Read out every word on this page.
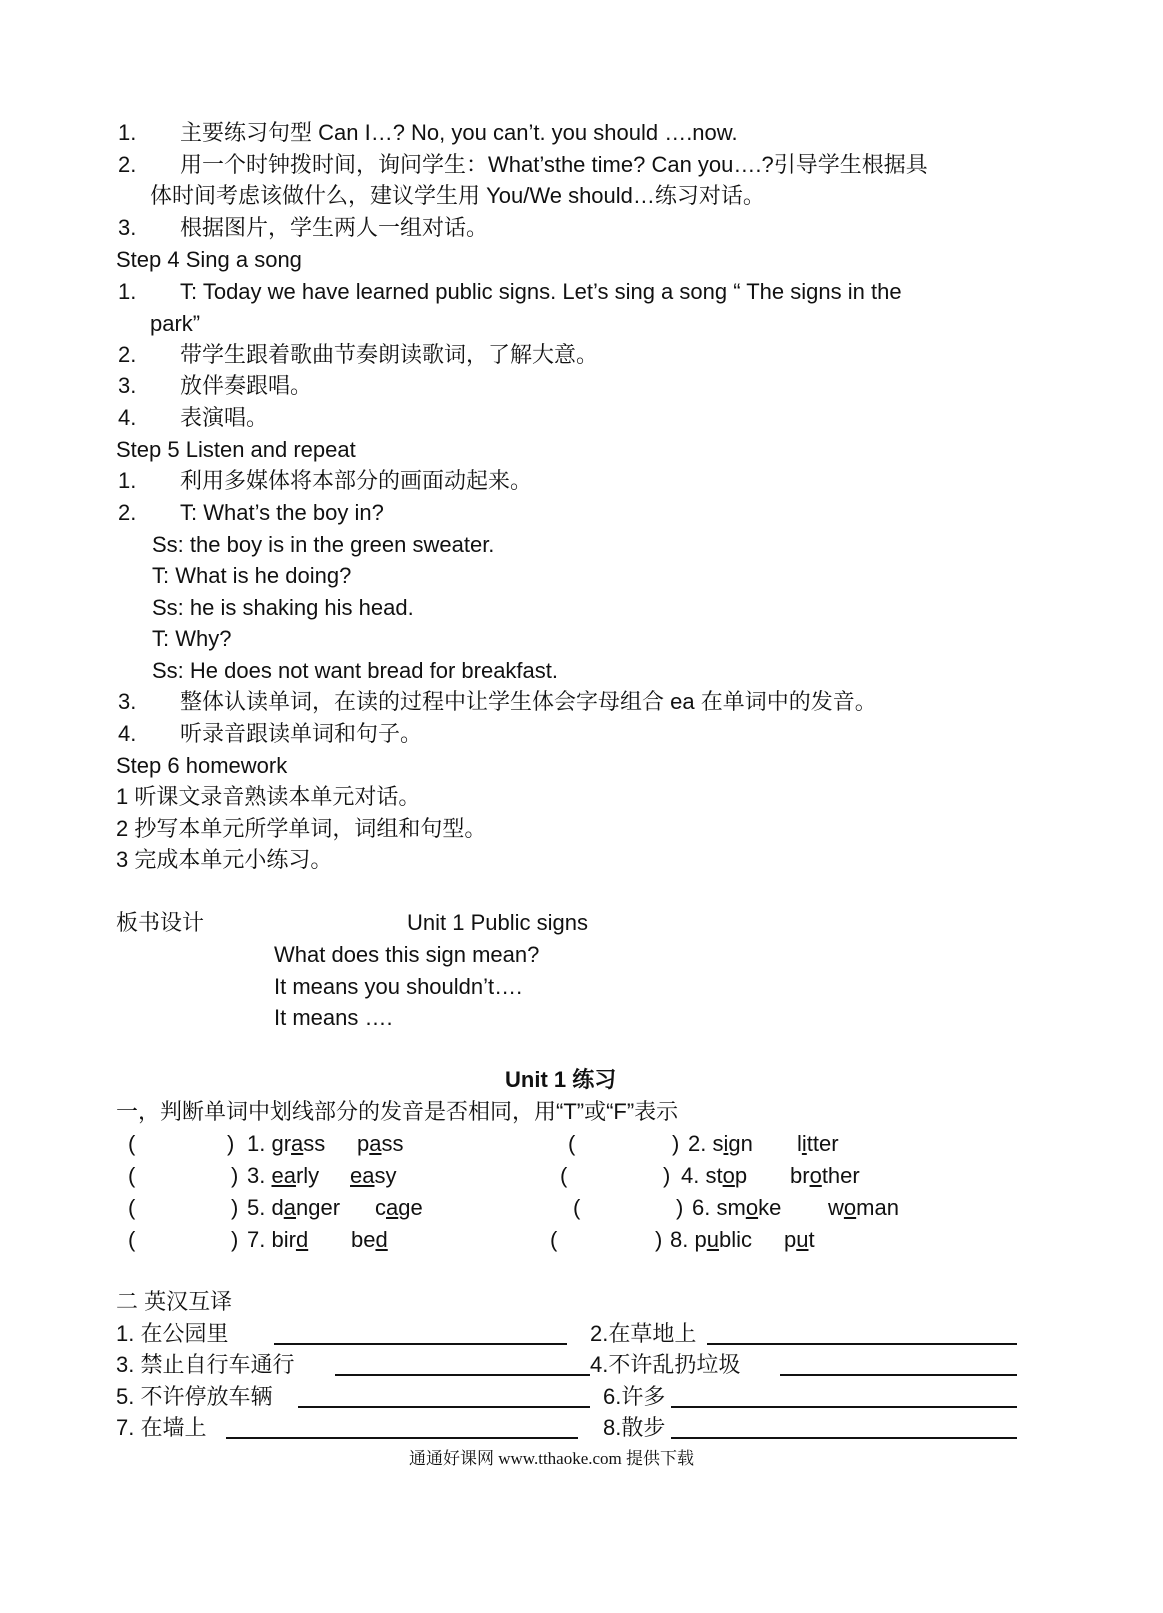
1. 主要练习句型 Can I…? No, you can’t. you should ….now.
2. 用一个时钟拨时间，询问学生：What’sthe time? Can you….?引导学生根据具
体时间考虑该做什么，建议学生用 You/We should…练习对话。
3. 根据图片，学生两人一组对话。
Step 4 Sing a song
1. T: Today we have learned public signs. Let’s sing a song “ The signs in the
park”
2. 带学生跟着歌曲节奏朗读歌词，了解大意。
3. 放伴奏跟唱。
4. 表演唱。
Step 5 Listen and repeat
1. 利用多媒体将本部分的画面动起来。
2. T: What’s the boy in?
Ss: the boy is in the green sweater.
T: What is he doing?
Ss: he is shaking his head.
T: Why?
Ss: He does not want bread for breakfast.
3. 整体认读单词，在读的过程中让学生体会字母组合 ea 在单词中的发音。
4. 听录音跟读单词和句子。
Step 6 homework
1 听课文录音熟读本单元对话。
2 抄写本单元所学单词，词组和句型。
3 完成本单元小练习。
板书设计	Unit 1 Public signs
What does this sign mean?
It means you shouldn’t….
It means ….
Unit 1 练习
一，判断单词中划线部分的发音是否相同，用“T”或“F”表示
(	) 1. grass pass	(	) 2. sign litter
(	) 3. early easy	(	) 4. stop brother
(	) 5. danger cage	(	) 6. smoke woman
(	) 7. bird bed	(	) 8. public put
二 英汉互译
1. 在公园里	2.在草地上
3. 禁止自行车通行	4.不许乱扔垃圾
5. 不许停放车辆	6.许多
7. 在墙上	8.散步
通通好课网 www.tthaoke.com 提供下载
